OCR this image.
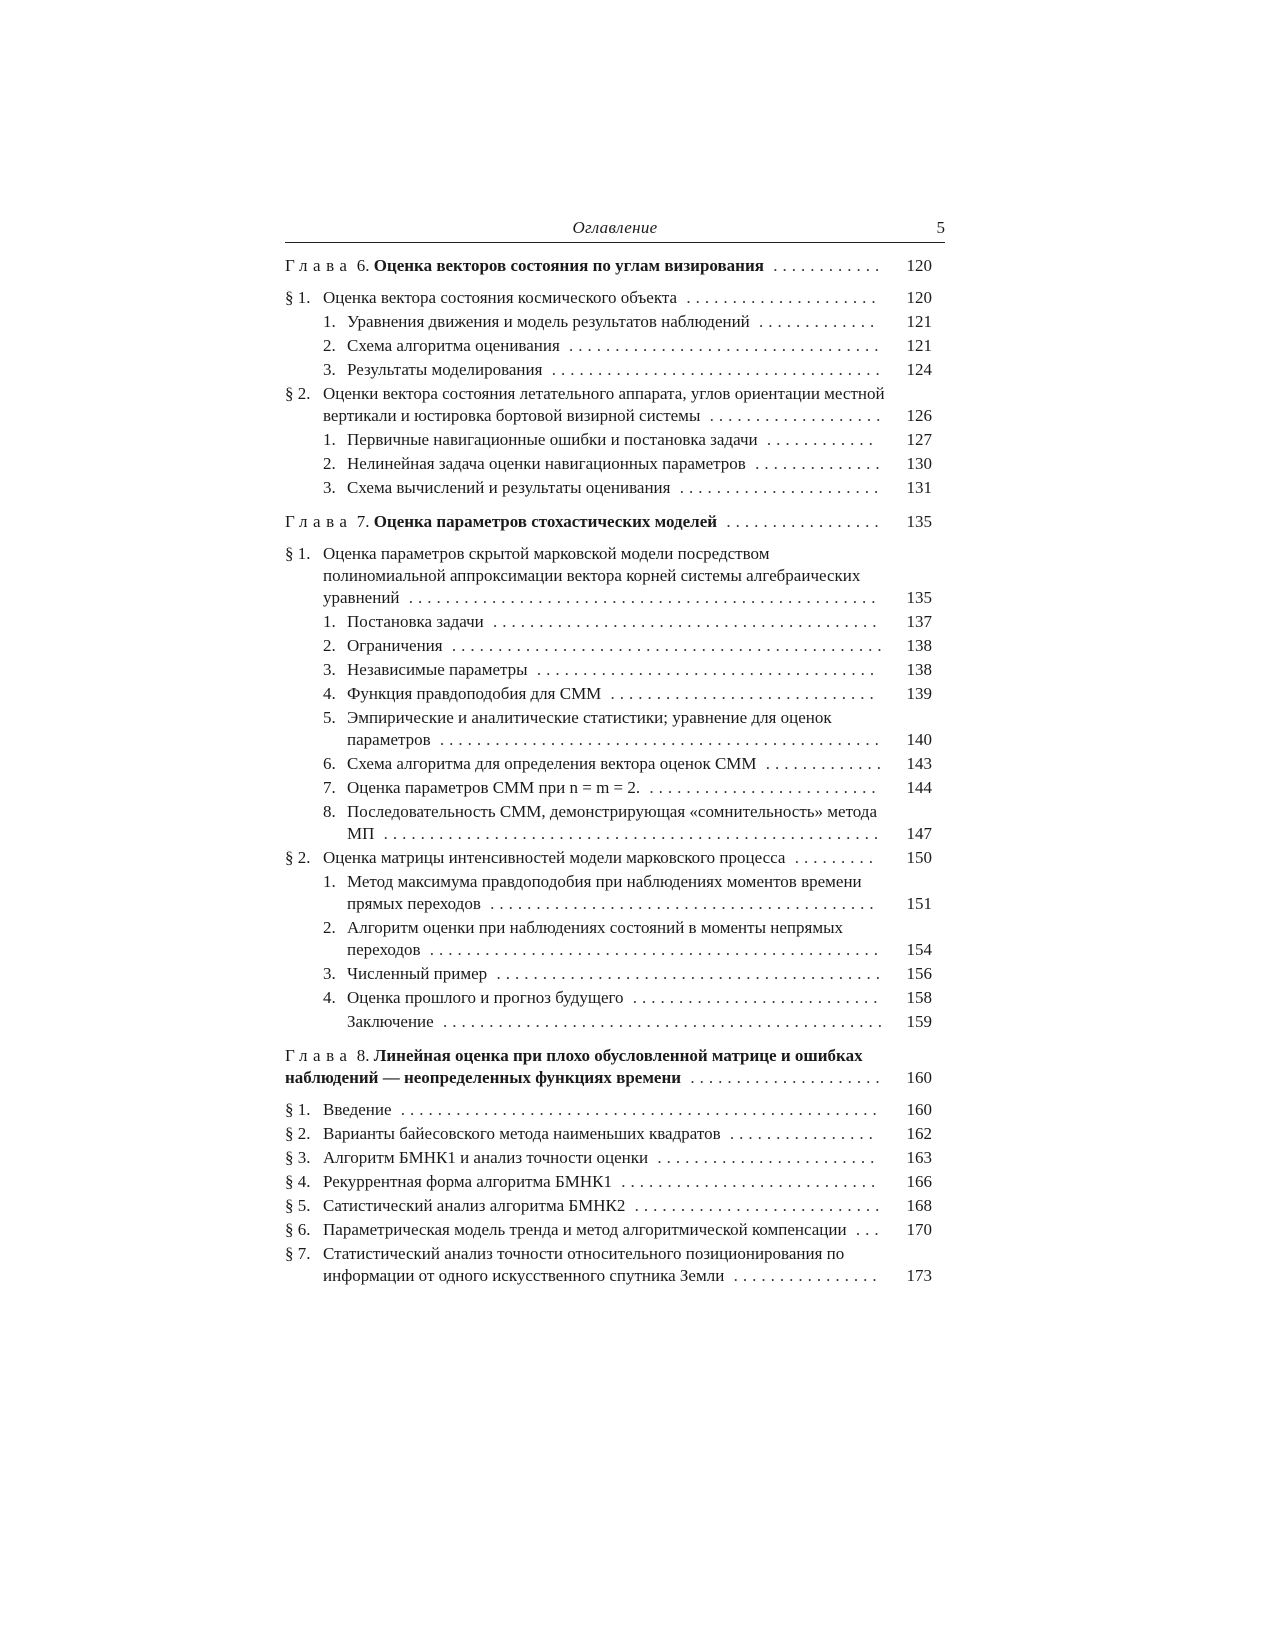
Оглавление	5
Глава 6. Оценка векторов состояния по углам визирования ............ 120
§ 1. Оценка вектора состояния космического объекта .....................	120
1. Уравнения движения и модель результатов наблюдений .............	121
2. Схема алгоритма оценивания .................................. 121
3. Результаты моделирования .................................... 124
§ 2. Оценки вектора состояния летательного аппарата, углов ориентации местной вертикали и юстировка бортовой визирной системы ................... 126
1. Первичные навигационные ошибки и постановка задачи ............	127
2. Нелинейная задача оценки навигационных параметров .............. 130
3. Схема вычислений и результаты оценивания ...................... 131
Глава 7. Оценка параметров стохастических моделей ................. 135
§ 1. Оценка параметров скрытой марковской модели посредством полиномиальной аппроксимации вектора корней системы алгебраических уравнений ...................................................	135
1. Постановка задачи ..........................................	137
2. Ограничения ............................................... 138
3. Независимые параметры .....................................	138
4. Функция правдоподобия для СММ .............................	139
5. Эмпирические и аналитические статистики; уравнение для оценок параметров ................................................ 140
6. Схема алгоритма для определения вектора оценок СММ ............. 143
7. Оценка параметров СММ при n = m = 2. .........................	144
8. Последовательность СММ, демонстрирующая «сомнительность» метода МП ...................................................... 147
§ 2. Оценка матрицы интенсивностей модели марковского процесса .........	150
1. Метод максимума правдоподобия при наблюдениях моментов времени прямых переходов ..........................................	151
2. Алгоритм оценки при наблюдениях состояний в моменты непрямых переходов ................................................. 154
3. Численный пример .......................................... 156
4. Оценка прошлого и прогноз будущего ........................... 158
Заключение ................................................ 159
Глава 8. Линейная оценка при плохо обусловленной матрице и ошибках наблюдений — неопределенных функциях времени ..................... 160
§ 1. Введение ....................................................	160
§ 2. Варианты байесовского метода наименьших квадратов ................	162
§ 3. Алгоритм БМНК1 и анализ точности оценки ........................	163
§ 4. Рекуррентная форма алгоритма БМНК1 ............................	166
§ 5. Сатистический анализ алгоритма БМНК2 ........................... 168
§ 6. Параметрическая модель тренда и метод алгоритмической компенсации ... 170
§ 7. Статистический анализ точности относительного позиционирования по информации от одного искусственного спутника Земли ................	173
